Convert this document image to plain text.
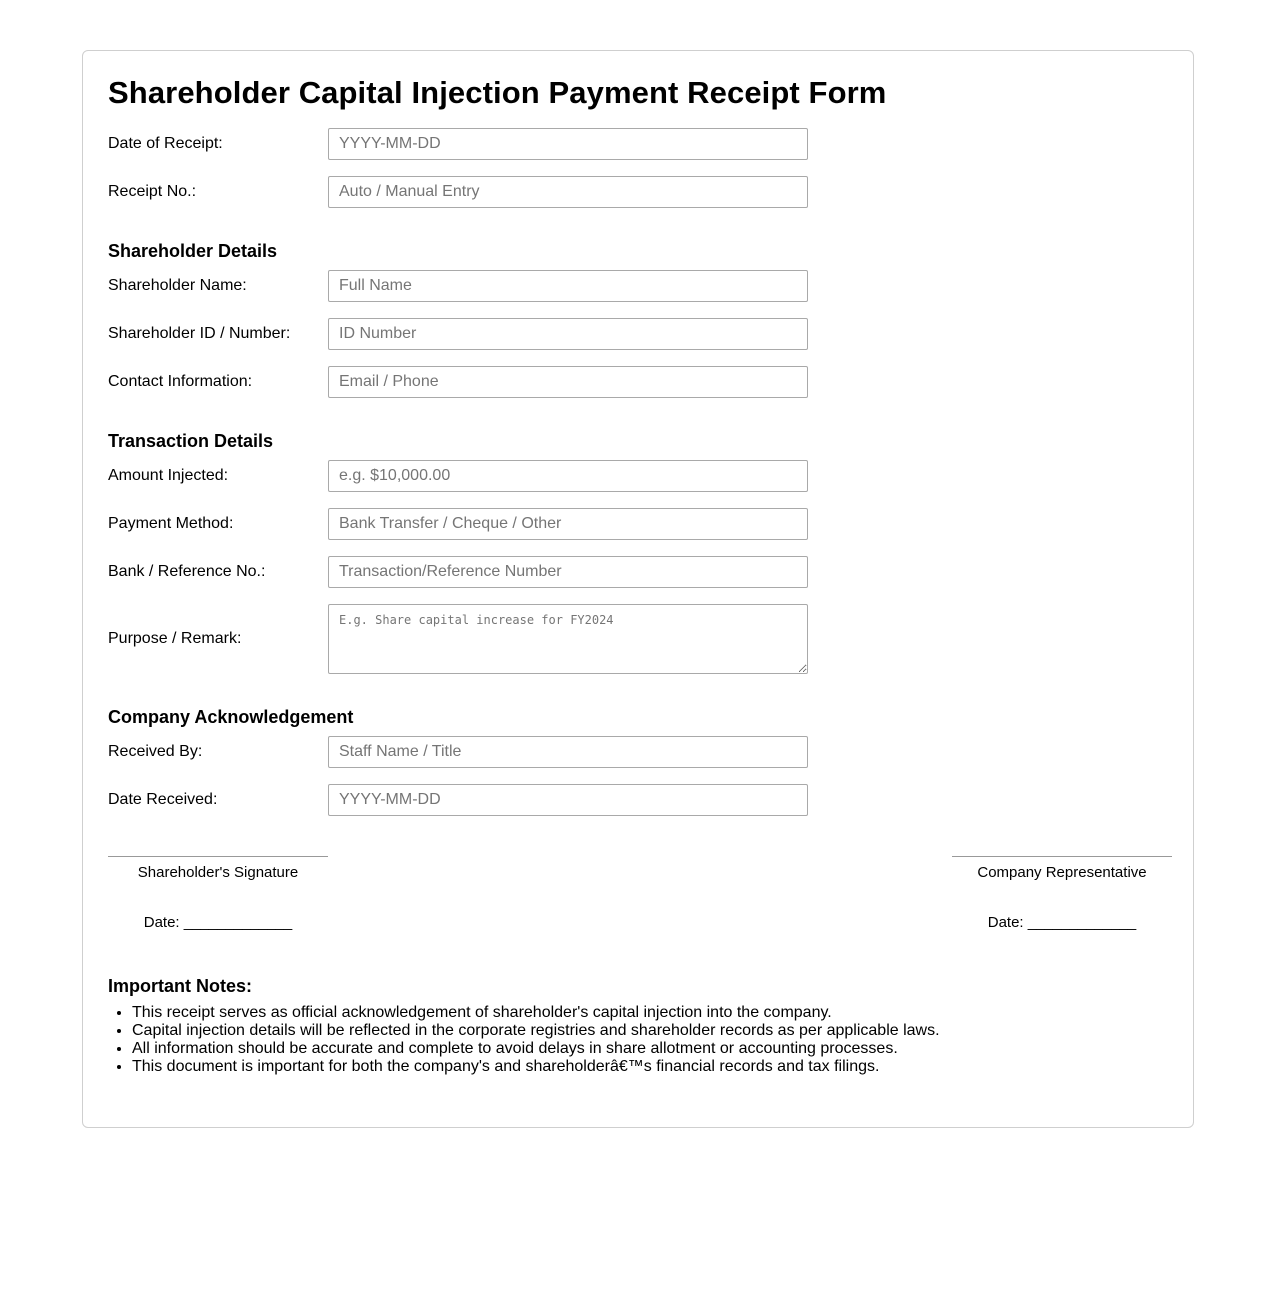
Shareholder Capital Injection Payment Receipt Form
Date of Receipt:
YYYY-MM-DD
Receipt No.:
Auto / Manual Entry
Shareholder Details
Shareholder Name:
Full Name
Shareholder ID / Number:
ID Number
Contact Information:
Email / Phone
Transaction Details
Amount Injected:
e.g. $10,000.00
Payment Method:
Bank Transfer / Cheque / Other
Bank / Reference No.:
Transaction/Reference Number
Purpose / Remark:
E.g. Share capital increase for FY2024
Company Acknowledgement
Received By:
Staff Name / Title
Date Received:
YYYY-MM-DD
Shareholder's Signature
Date: _____________
Company Representative
Date: _____________
Important Notes:
• This receipt serves as official acknowledgement of shareholder's capital injection into the company.
• Capital injection details will be reflected in the corporate registries and shareholder records as per applicable laws.
• All information should be accurate and complete to avoid delays in share allotment or accounting processes.
• This document is important for both the company's and shareholderâ€™s financial records and tax filings.
